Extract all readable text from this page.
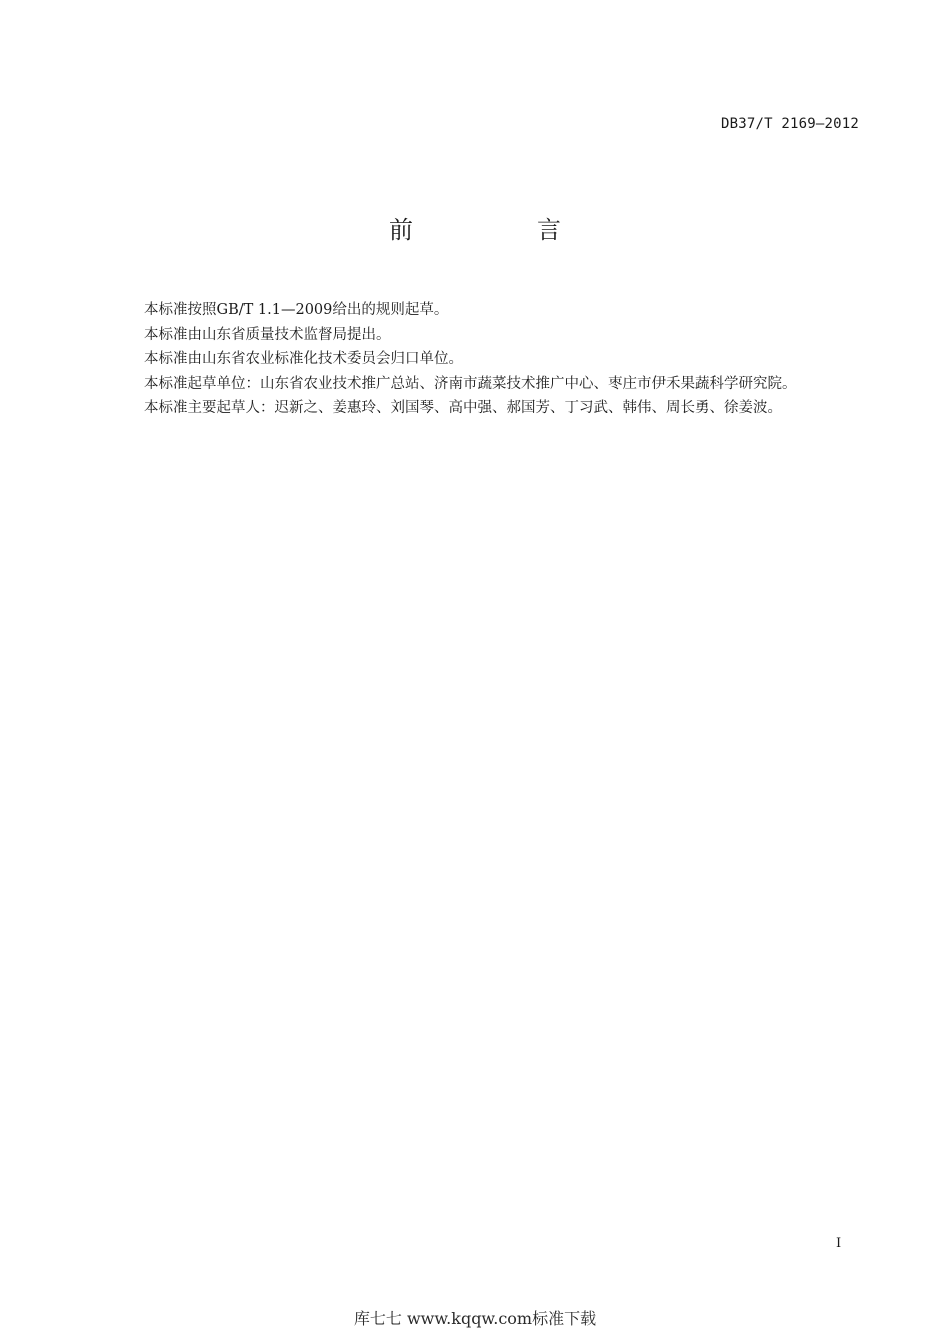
DB37/T 2169—2012
前　言

本标准按照GB/T 1.1—2009给出的规则起草。

本标准由山东省质量技术监督局提出。

本标准由山东省农业标准化技术委员会归口单位。

本标准起草单位：山东省农业技术推广总站、济南市蔬菜技术推广中心、枣庄市伊禾果蔬科学研究院。

本标准主要起草人：迟新之、姜惠玲、刘国琴、高中强、郝国芳、丁习武、韩伟、周长勇、徐姜波。

I
库七七 www.kqqw.com标准下载
